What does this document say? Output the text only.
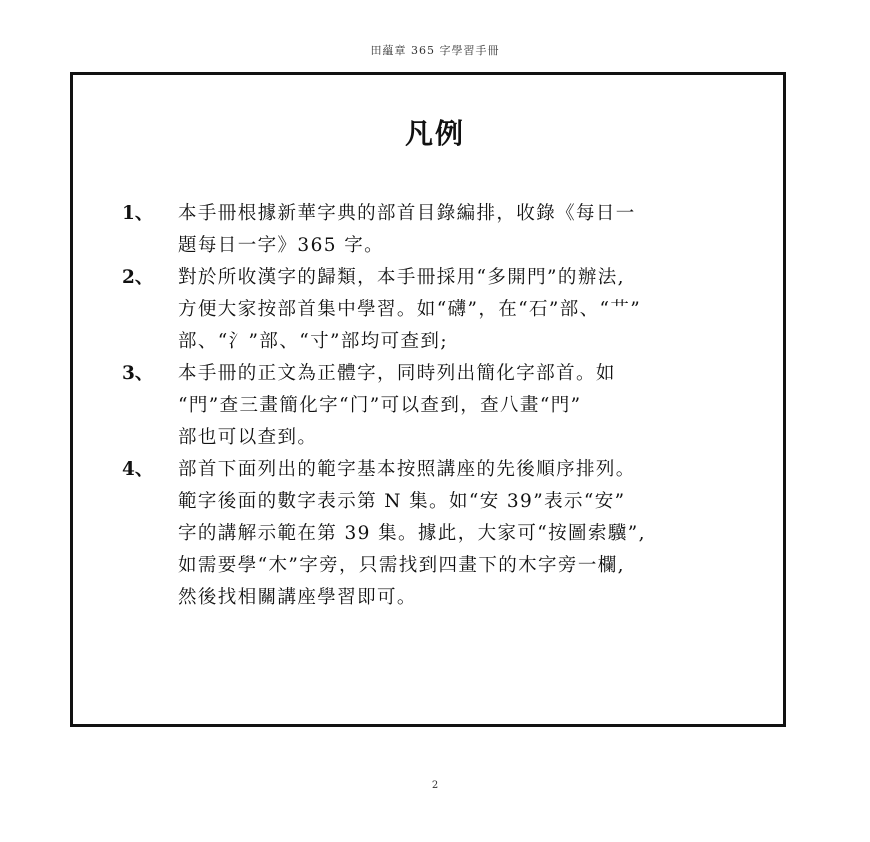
田蘊章 365 字學習手冊
凡例
1、 本手冊根據新華字典的部首目錄編排，收錄《每日一
題每日一字》365 字。
2、 對於所收漢字的歸類，本手冊採用“多開門”的辦法,
方便大家按部首集中學習。如“礴”，在“石”部、“艹”
部、“氵”部、“寸”部均可查到;
3、 本手冊的正文為正體字，同時列出簡化字部首。如
“門”查三畫簡化字“门”可以查到，查八畫“門”
部也可以查到。
4、 部首下面列出的範字基本按照講座的先後順序排列。
範字後面的數字表示第 N 集。如“安 39”表示“安”
字的講解示範在第 39 集。據此，大家可“按圖索驥”,
如需要學“木”字旁，只需找到四畫下的木字旁一欄,
然後找相關講座學習即可。
2
